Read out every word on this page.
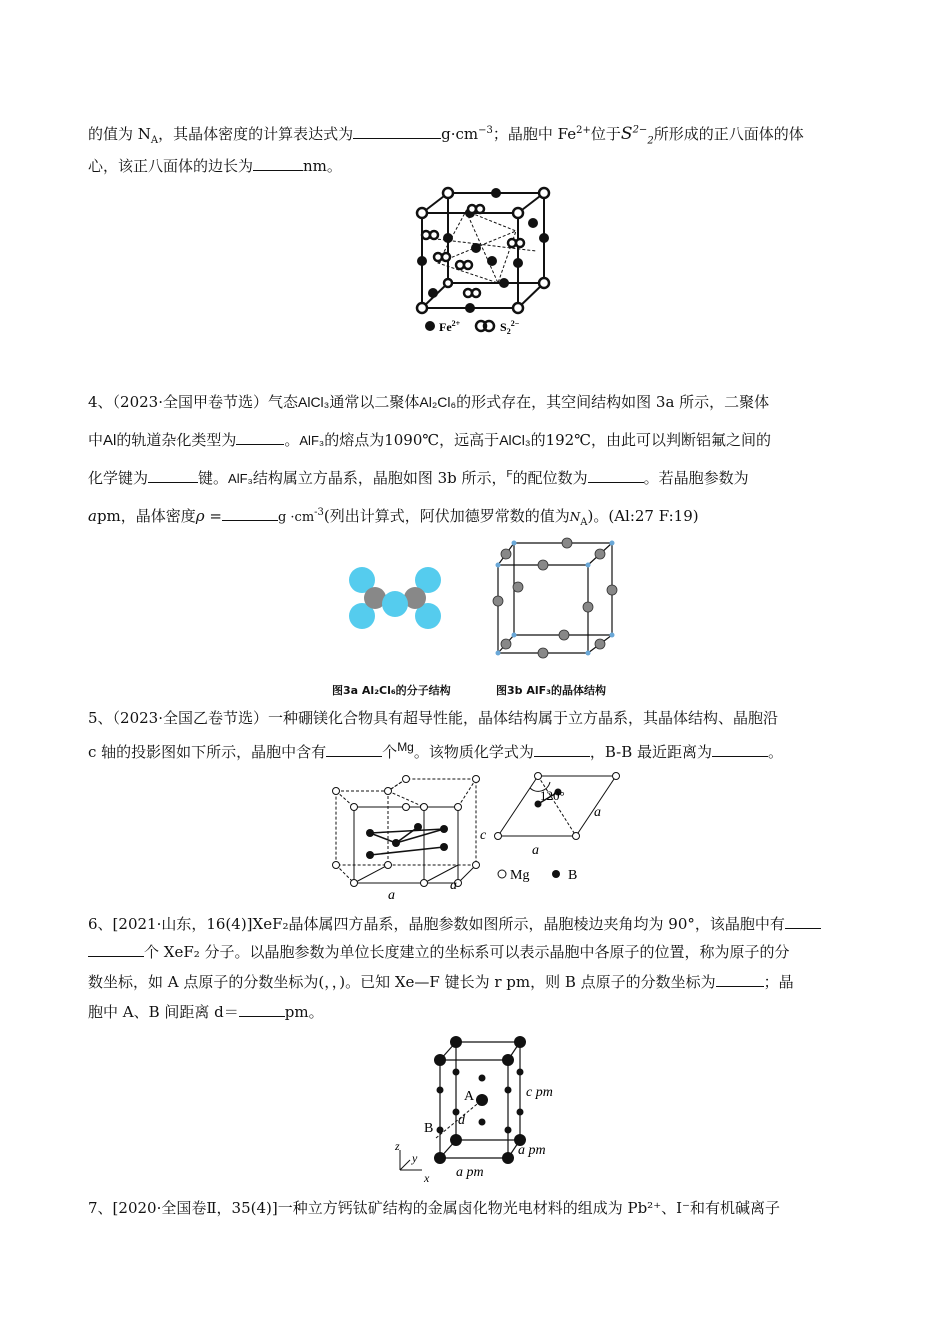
的值为 $N_A$，其晶体密度的计算表达式为	$g\cdot cm^{-3}$；晶胞中 $Fe^{2+}$位于$S^{2-}_2$所形成的正八面体的体
心，该正八面体的边长为	nm。
$Fe^{2+}$	$S_2^{2-}$
4、（2023·全国甲卷节选）气态AlCl₃通常以二聚体Al₂Cl₆的形式存在，其空间结构如图 3a 所示，二聚体
中Al的轨道杂化类型为	。AlF₃的熔点为1090℃，远高于AlCl₃的192℃，由此可以判断铝氟之间的
化学键为	键。AlF₃结构属立方晶系，晶胞如图 3b 所示，$^F$的配位数为	。若晶胞参数为
apm，晶体密度ρ =	$g \cdot cm^{-3}$(列出计算式，阿伏加德罗常数的值为$N_A$)。(Al:27 F:19)
图3a Al₂Cl₆的分子结构	图3b AlF₃的晶体结构
5、（2023·全国乙卷节选）一种硼镁化合物具有超导性能，晶体结构属于立方晶系，其晶体结构、晶胞沿
c 轴的投影图如下所示，晶胞中含有	个$^{Mg}$。该物质化学式为	，B-B 最近距离为	。
c
a
a
120°
a
a
Mg	B
6、[2021·山东，16(4)]XeF₂晶体属四方晶系，晶胞参数如图所示，晶胞棱边夹角均为 90°，该晶胞中有
个 XeF₂ 分子。以晶胞参数为单位长度建立的坐标系可以表示晶胞中各原子的位置，称为原子的分
数坐标，如 A 点原子的分数坐标为(，，)。已知 Xe—F 键长为 r pm，则 B 点原子的分数坐标为	；晶
胞中 A、B 间距离 d＝	pm。
c pm
a pm
a pm
A
B
d
z
y
x
7、[2020·全国卷Ⅱ，35(4)]一种立方钙钛矿结构的金属卤化物光电材料的组成为 Pb²⁺、I⁻和有机碱离子
